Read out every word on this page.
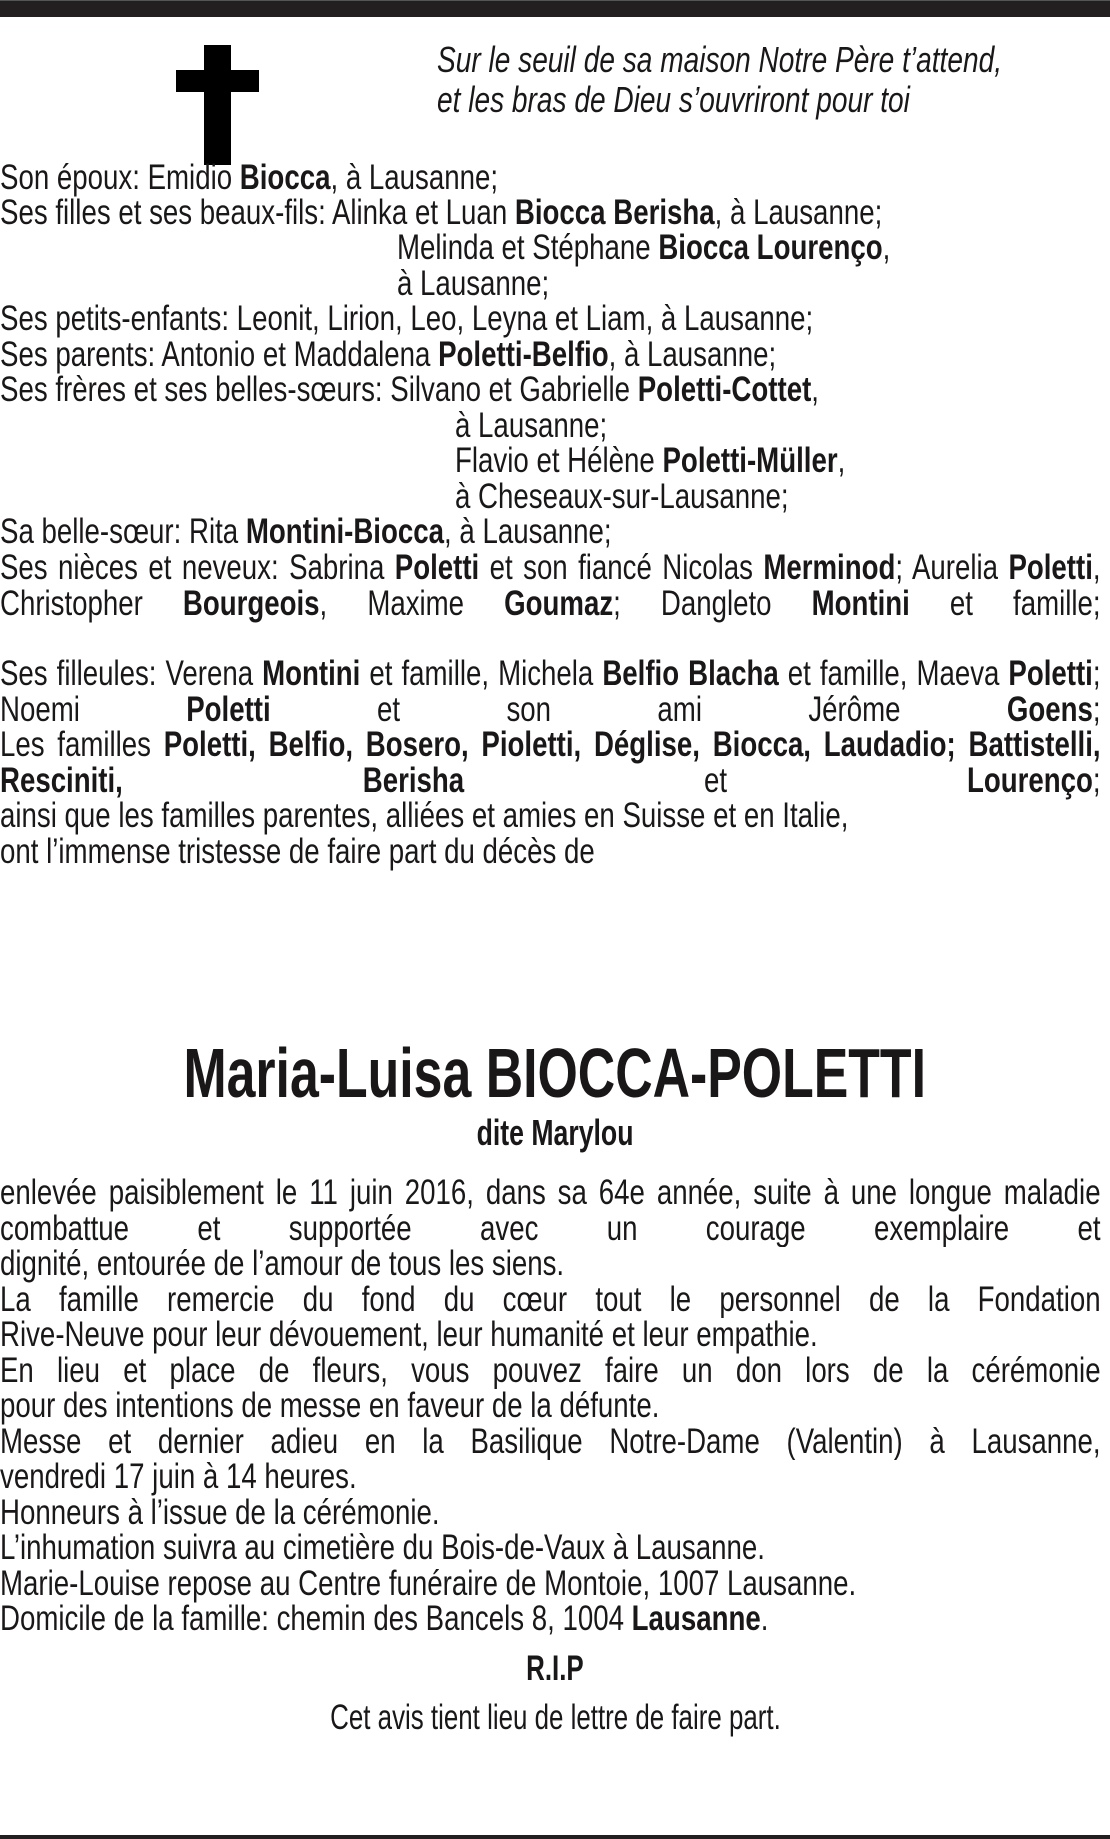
Sur le seuil de sa maison Notre Père t’attend,
et les bras de Dieu s’ouvriront pour toi
Son époux: Emidio Biocca, à Lausanne;
Ses filles et ses beaux-fils: Alinka et Luan Biocca Berisha, à Lausanne;
Melinda et Stéphane Biocca Lourenço,
à Lausanne;
Ses petits-enfants: Leonit, Lirion, Leo, Leyna et Liam, à Lausanne;
Ses parents: Antonio et Maddalena Poletti-Belfio, à Lausanne;
Ses frères et ses belles-sœurs: Silvano et Gabrielle Poletti-Cottet,
à Lausanne;
Flavio et Hélène Poletti-Müller,
à Cheseaux-sur-Lausanne;
Sa belle-sœur: Rita Montini-Biocca, à Lausanne;
Ses nièces et neveux: Sabrina Poletti et son fiancé Nicolas Merminod; Aurelia Poletti, Christopher Bourgeois, Maxime Goumaz; Dangleto Montini et famille;
Ses filleules: Verena Montini et famille, Michela Belfio Blacha et famille, Maeva Poletti; Noemi Poletti et son ami Jérôme Goens;
Les familles Poletti, Belfio, Bosero, Pioletti, Déglise, Biocca, Laudadio; Battistelli, Resciniti, Berisha et Lourenço;
ainsi que les familles parentes, alliées et amies en Suisse et en Italie,
ont l’immense tristesse de faire part du décès de
Maria-Luisa BIOCCA-POLETTI
dite Marylou
enlevée paisiblement le 11 juin 2016, dans sa 64e année, suite à une longue maladie combattue et supportée avec un courage exemplaire et
dignité, entourée de l’amour de tous les siens.
La famille remercie du fond du cœur tout le personnel de la Fondation
Rive-Neuve pour leur dévouement, leur humanité et leur empathie.
En lieu et place de fleurs, vous pouvez faire un don lors de la cérémonie
pour des intentions de messe en faveur de la défunte.
Messe et dernier adieu en la Basilique Notre-Dame (Valentin) à Lausanne,
vendredi 17 juin à 14 heures.
Honneurs à l’issue de la cérémonie.
L’inhumation suivra au cimetière du Bois-de-Vaux à Lausanne.
Marie-Louise repose au Centre funéraire de Montoie, 1007 Lausanne.
Domicile de la famille: chemin des Bancels 8, 1004 Lausanne.
R.I.P
Cet avis tient lieu de lettre de faire part.
